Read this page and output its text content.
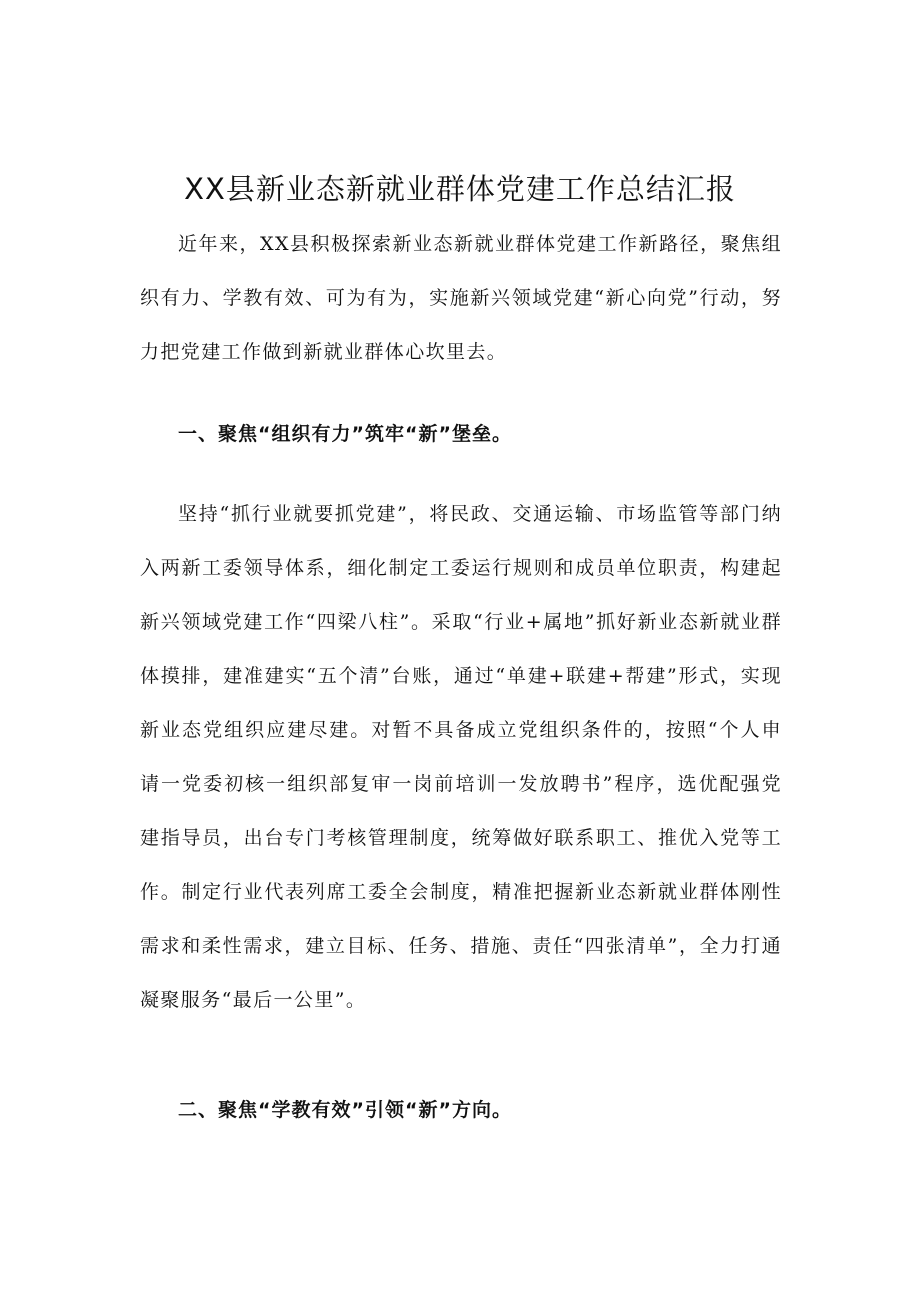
XX县新业态新就业群体党建工作总结汇报

近年来，XX县积极探索新业态新就业群体党建工作新路径，聚焦组织有力、学教有效、可为有为，实施新兴领域党建“新心向党”行动，努力把党建工作做到新就业群体心坎里去。

一、聚焦“组织有力”筑牢“新”堡垒。

坚持“抓行业就要抓党建”，将民政、交通运输、市场监管等部门纳入两新工委领导体系，细化制定工委运行规则和成员单位职责，构建起新兴领域党建工作“四梁八柱”。采取“行业+属地”抓好新业态新就业群体摸排，建准建实“五个清”台账，通过“单建+联建+帮建”形式，实现新业态党组织应建尽建。对暂不具备成立党组织条件的，按照“个人申请一党委初核一组织部复审一岗前培训一发放聘书”程序，选优配强党建指导员，出台专门考核管理制度，统筹做好联系职工、推优入党等工作。制定行业代表列席工委全会制度，精准把握新业态新就业群体刚性需求和柔性需求，建立目标、任务、措施、责任“四张清单”，全力打通凝聚服务“最后一公里”。

二、聚焦“学教有效”引领“新”方向。
